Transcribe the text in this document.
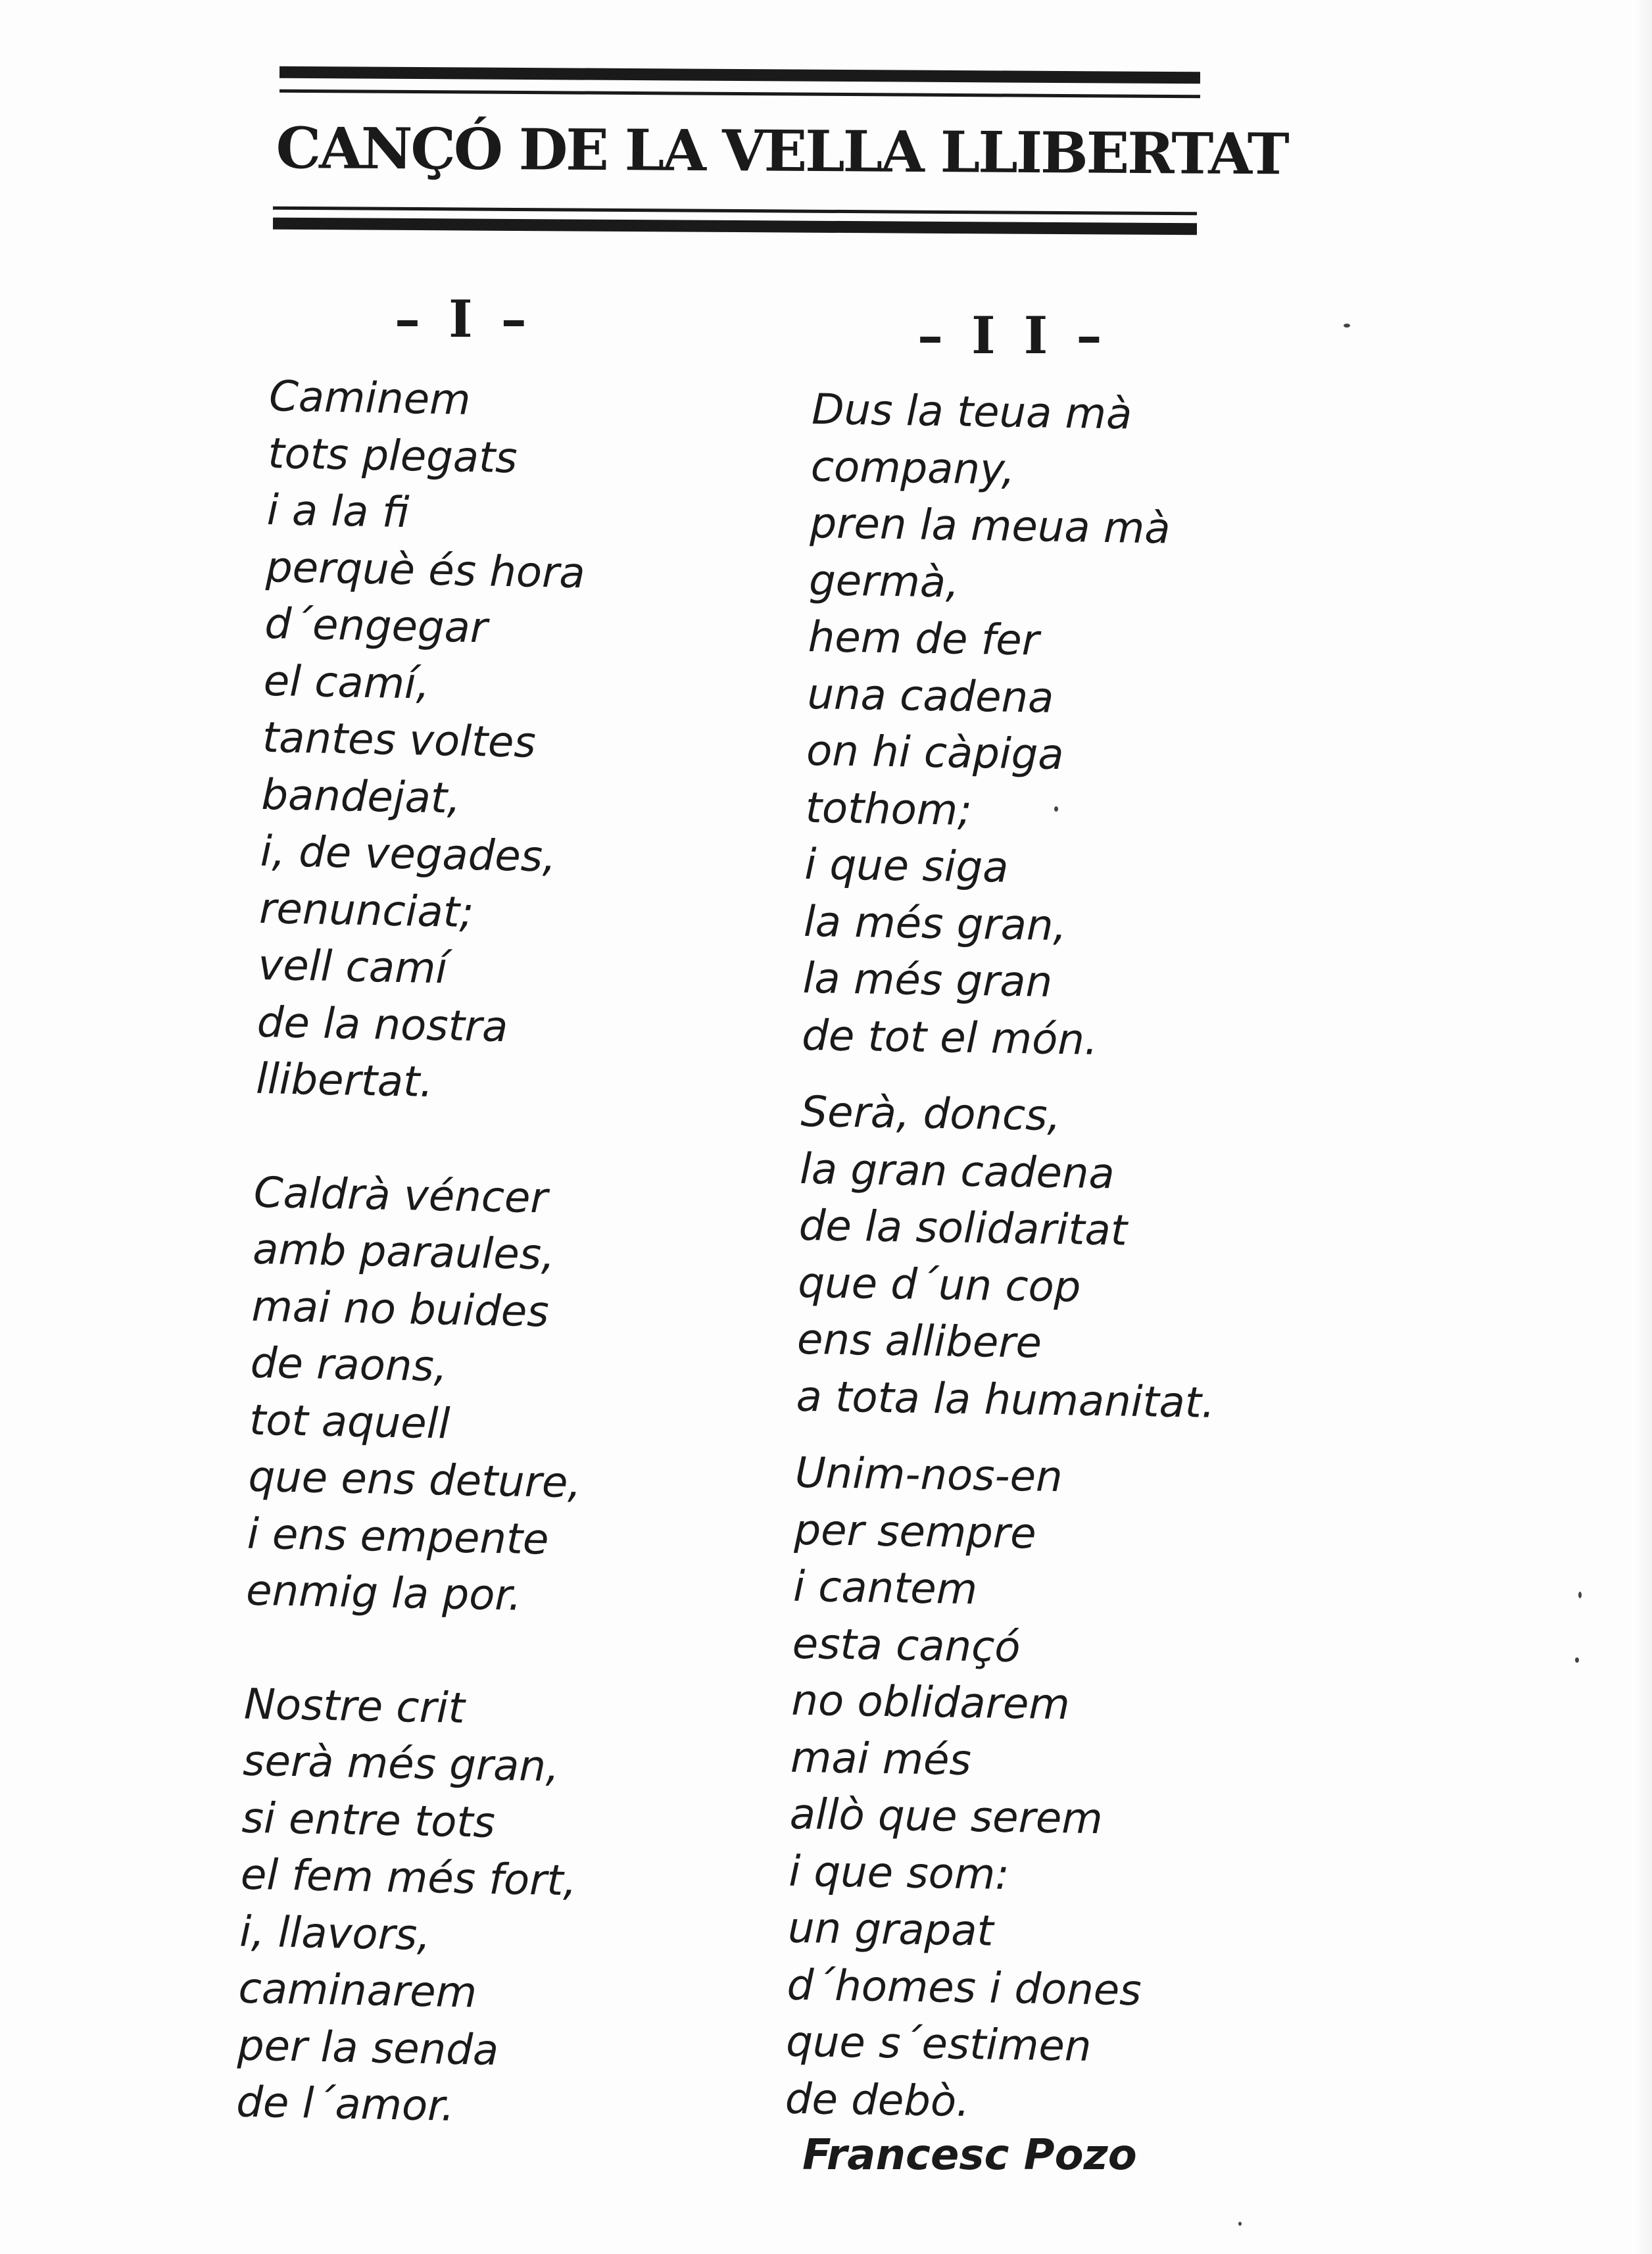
CANÇÓ DE LA VELLA LLIBERTAT
– I –	– I I –
Caminem
tots plegats
i a la fi
perquè és hora
d´engegar
el camí,
tantes voltes
bandejat,
i, de vegades,
renunciat;
vell camí
de la nostra
llibertat.
Caldrà véncer
amb paraules,
mai no buides
de raons,
tot aquell
que ens deture,
i ens empente
enmig la por.
Nostre crit
serà més gran,
si entre tots
el fem més fort,
i, llavors,
caminarem
per la senda
de l´amor.
Dus la teua mà
company,
pren la meua mà
germà,
hem de fer
una cadena
on hi càpiga
tothom;
i que siga
la més gran,
la més gran
de tot el món.
Serà, doncs,
la gran cadena
de la solidaritat
que d´un cop
ens allibere
a tota la humanitat.
Unim-nos-en
per sempre
i cantem
esta cançó
no oblidarem
mai més
allò que serem
i que som:
un grapat
d´homes i dones
que s´estimen
de debò.
Francesc Pozo
